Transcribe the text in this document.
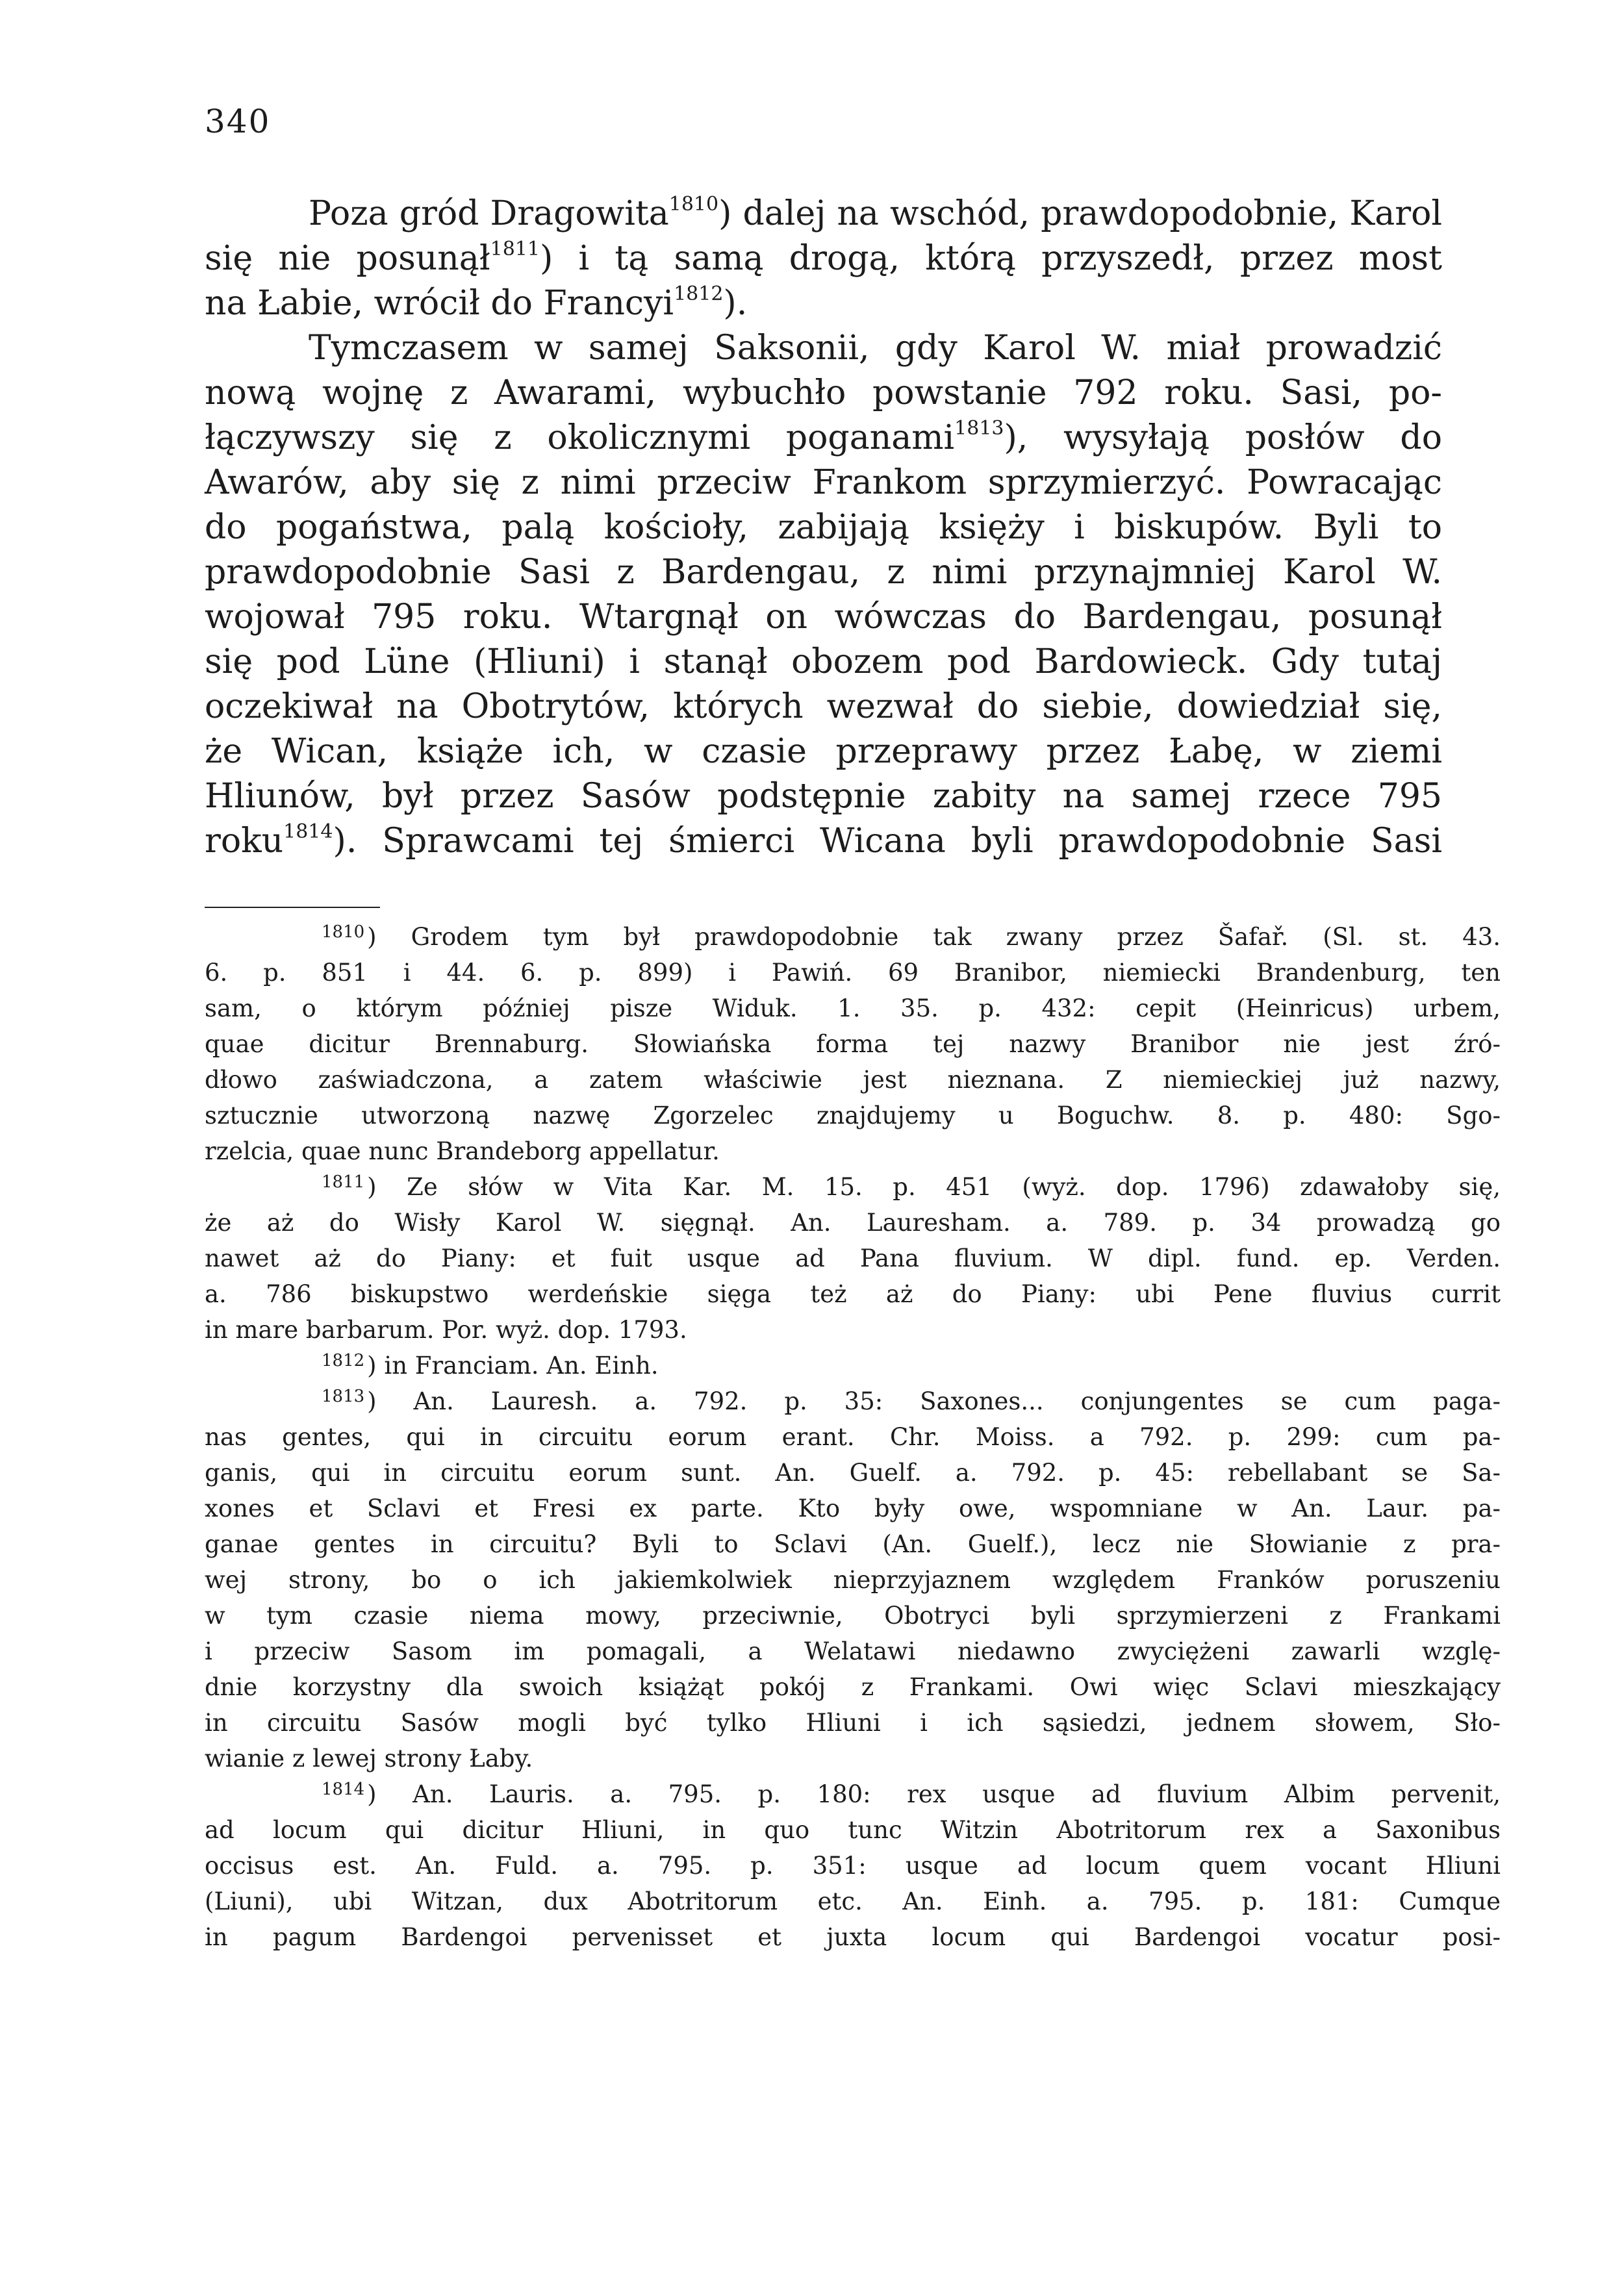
340
Poza gród Dragowita$^{1810}$) dalej na wschód, prawdopodobnie, Karol
się nie posunął$^{1811}$) i tą samą drogą, którą przyszedł, przez most
na Łabie, wrócił do Francyi$^{1812}$).
Tymczasem w samej Saksonii, gdy Karol W. miał prowadzić
nową wojnę z Awarami, wybuchło powstanie 792 roku. Sasi, po-
łączywszy się z okolicznymi poganami$^{1813}$), wysyłają posłów do
Awarów, aby się z nimi przeciw Frankom sprzymierzyć. Powracając
do pogaństwa, palą kościoły, zabijają księży i biskupów. Byli to
prawdopodobnie Sasi z Bardengau, z nimi przynajmniej Karol W.
wojował 795 roku. Wtargnął on wówczas do Bardengau, posunął
się pod Lüne (Hliuni) i stanął obozem pod Bardowieck. Gdy tutaj
oczekiwał na Obotrytów, których wezwał do siebie, dowiedział się,
że Wican, książe ich, w czasie przeprawy przez Łabę, w ziemi
Hliunów, był przez Sasów podstępnie zabity na samej rzece 795
roku$^{1814}$). Sprawcami tej śmierci Wicana byli prawdopodobnie Sasi
$^{1810}$ ) Grodem tym był prawdopodobnie tak zwany przez Šafař. (Sl. st. 43.
6. p. 851 i 44. 6. p. 899) i Pawiń. 69 Branibor, niemiecki Brandenburg, ten
sam, o którym później pisze Widuk. 1. 35. p. 432: cepit (Heinricus) urbem,
quae dicitur Brennaburg. Słowiańska forma tej nazwy Branibor nie jest źró-
dłowo zaświadczona, a zatem właściwie jest nieznana. Z niemieckiej już nazwy,
sztucznie utworzoną nazwę Zgorzelec znajdujemy u Boguchw. 8. p. 480: Sgo-
rzelcia, quae nunc Brandeborg appellatur.
$^{1811}$ ) Ze słów w Vita Kar. M. 15. p. 451 (wyż. dop. 1796) zdawałoby się,
że aż do Wisły Karol W. sięgnął. An. Lauresham. a. 789. p. 34 prowadzą go
nawet aż do Piany: et fuit usque ad Pana fluvium. W dipl. fund. ep. Verden.
a. 786 biskupstwo werdeńskie sięga też aż do Piany: ubi Pene fluvius currit
in mare barbarum. Por. wyż. dop. 1793.
$^{1812}$ ) in Franciam. An. Einh.
$^{1813}$ ) An. Lauresh. a. 792. p. 35: Saxones... conjungentes se cum paga-
nas gentes, qui in circuitu eorum erant. Chr. Moiss. a 792. p. 299: cum pa-
ganis, qui in circuitu eorum sunt. An. Guelf. a. 792. p. 45: rebellabant se Sa-
xones et Sclavi et Fresi ex parte. Kto były owe, wspomniane w An. Laur. pa-
ganae gentes in circuitu? Byli to Sclavi (An. Guelf.), lecz nie Słowianie z pra-
wej strony, bo o ich jakiemkolwiek nieprzyjaznem względem Franków poruszeniu
w tym czasie niema mowy, przeciwnie, Obotryci byli sprzymierzeni z Frankami
i przeciw Sasom im pomagali, a Welatawi niedawno zwyciężeni zawarli wzglę-
dnie korzystny dla swoich książąt pokój z Frankami. Owi więc Sclavi mieszkający
in circuitu Sasów mogli być tylko Hliuni i ich sąsiedzi, jednem słowem, Sło-
wianie z lewej strony Łaby.
$^{1814}$ ) An. Lauris. a. 795. p. 180: rex usque ad fluvium Albim pervenit,
ad locum qui dicitur Hliuni, in quo tunc Witzin Abotritorum rex a Saxonibus
occisus est. An. Fuld. a. 795. p. 351: usque ad locum quem vocant Hliuni
(Liuni), ubi Witzan, dux Abotritorum etc. An. Einh. a. 795. p. 181: Cumque
in pagum Bardengoi pervenisset et juxta locum qui Bardengoi vocatur posi-
